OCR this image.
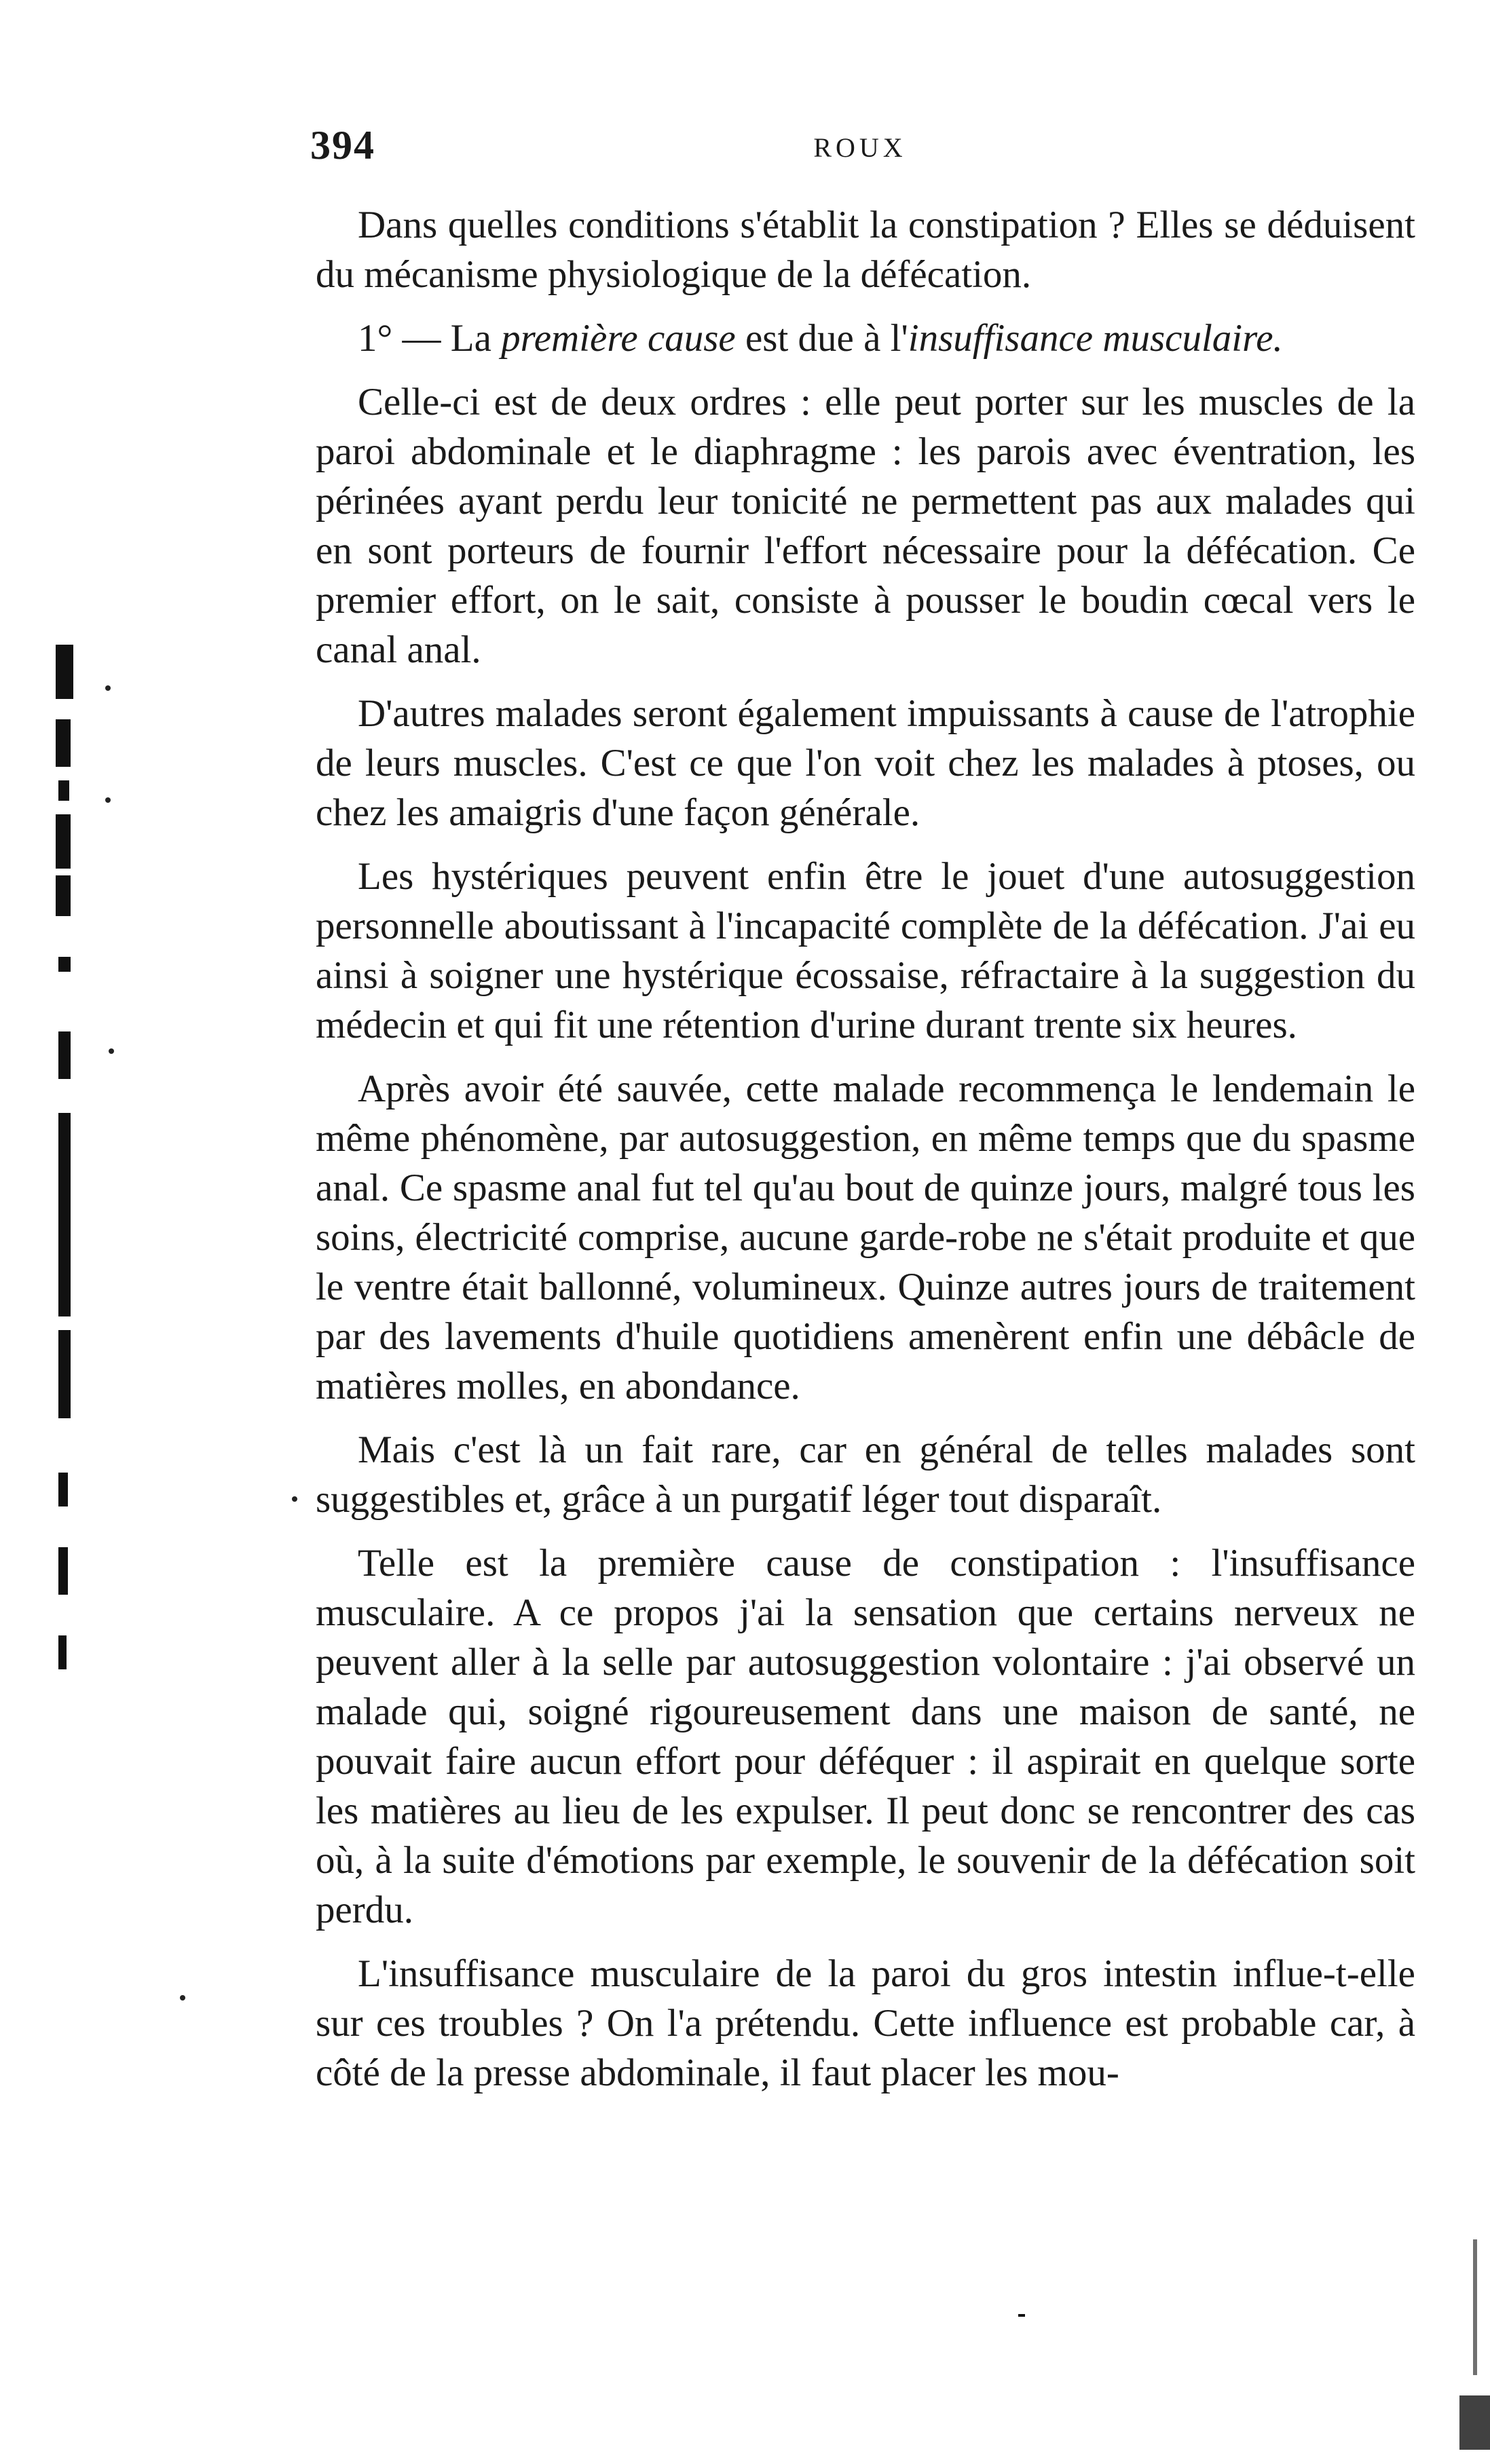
394	ROUX

Dans quelles conditions s'établit la constipation ? Elles se déduisent du mécanisme physiologique de la défécation.

1° — La première cause est due à l'insuffisance musculaire.

Celle-ci est de deux ordres : elle peut porter sur les muscles de la paroi abdominale et le diaphragme : les parois avec éventration, les périnées ayant perdu leur tonicité ne permettent pas aux malades qui en sont porteurs de fournir l'effort nécessaire pour la défécation. Ce premier effort, on le sait, consiste à pousser le boudin cœcal vers le canal anal.

D'autres malades seront également impuissants à cause de l'atrophie de leurs muscles. C'est ce que l'on voit chez les malades à ptoses, ou chez les amaigris d'une façon générale.

Les hystériques peuvent enfin être le jouet d'une autosuggestion personnelle aboutissant à l'incapacité complète de la défécation. J'ai eu ainsi à soigner une hystérique écossaise, réfractaire à la suggestion du médecin et qui fit une rétention d'urine durant trente six heures.

Après avoir été sauvée, cette malade recommença le lendemain le même phénomène, par autosuggestion, en même temps que du spasme anal. Ce spasme anal fut tel qu'au bout de quinze jours, malgré tous les soins, électricité comprise, aucune garde-robe ne s'était produite et que le ventre était ballonné, volumineux. Quinze autres jours de traitement par des lavements d'huile quotidiens amenèrent enfin une débâcle de matières molles, en abondance.

Mais c'est là un fait rare, car en général de telles malades sont suggestibles et, grâce à un purgatif léger tout disparaît.

Telle est la première cause de constipation : l'insuffisance musculaire. A ce propos j'ai la sensation que certains nerveux ne peuvent aller à la selle par autosuggestion volontaire : j'ai observé un malade qui, soigné rigoureusement dans une maison de santé, ne pouvait faire aucun effort pour déféquer : il aspirait en quelque sorte les matières au lieu de les expulser. Il peut donc se rencontrer des cas où, à la suite d'émotions par exemple, le souvenir de la défécation soit perdu.

L'insuffisance musculaire de la paroi du gros intestin influe-t-elle sur ces troubles ? On l'a prétendu. Cette influence est probable car, à côté de la presse abdominale, il faut placer les mou-
